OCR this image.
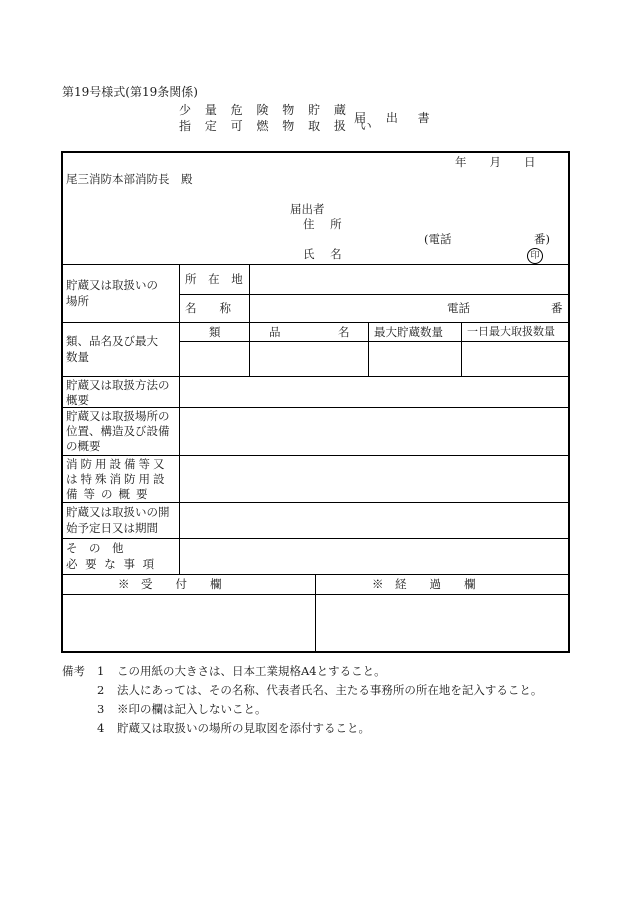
第19号様式(第19条関係)
少 量 危 険 物 貯 蔵
指 定 可 燃 物 取 扱 い
届 出 書
年　　月　　日
尾三消防本部消防長　殿
届出者
住 所
(電話	番)
氏 名	印
貯蔵又は取扱いの
場所
所 在 地
名　　称	電話	番
類、品名及び最大
数量
類	品	名 最大貯蔵数量 一日最大取扱数量
貯蔵又は取扱方法の
概要
貯蔵又は取扱場所の
位置、構造及び設備
の概要
消防用設備等又
は特殊消防用設
備等の概要
貯蔵又は取扱いの開
始予定日又は期間
そ　の　他
必 要 な 事 項
※　受　　付　　欄	※　経　　過　　欄
備考	1	この用紙の大きさは、日本工業規格A4とすること。
2	法人にあっては、その名称、代表者氏名、主たる事務所の所在地を記入すること。
3	※印の欄は記入しないこと。
4	貯蔵又は取扱いの場所の見取図を添付すること。
